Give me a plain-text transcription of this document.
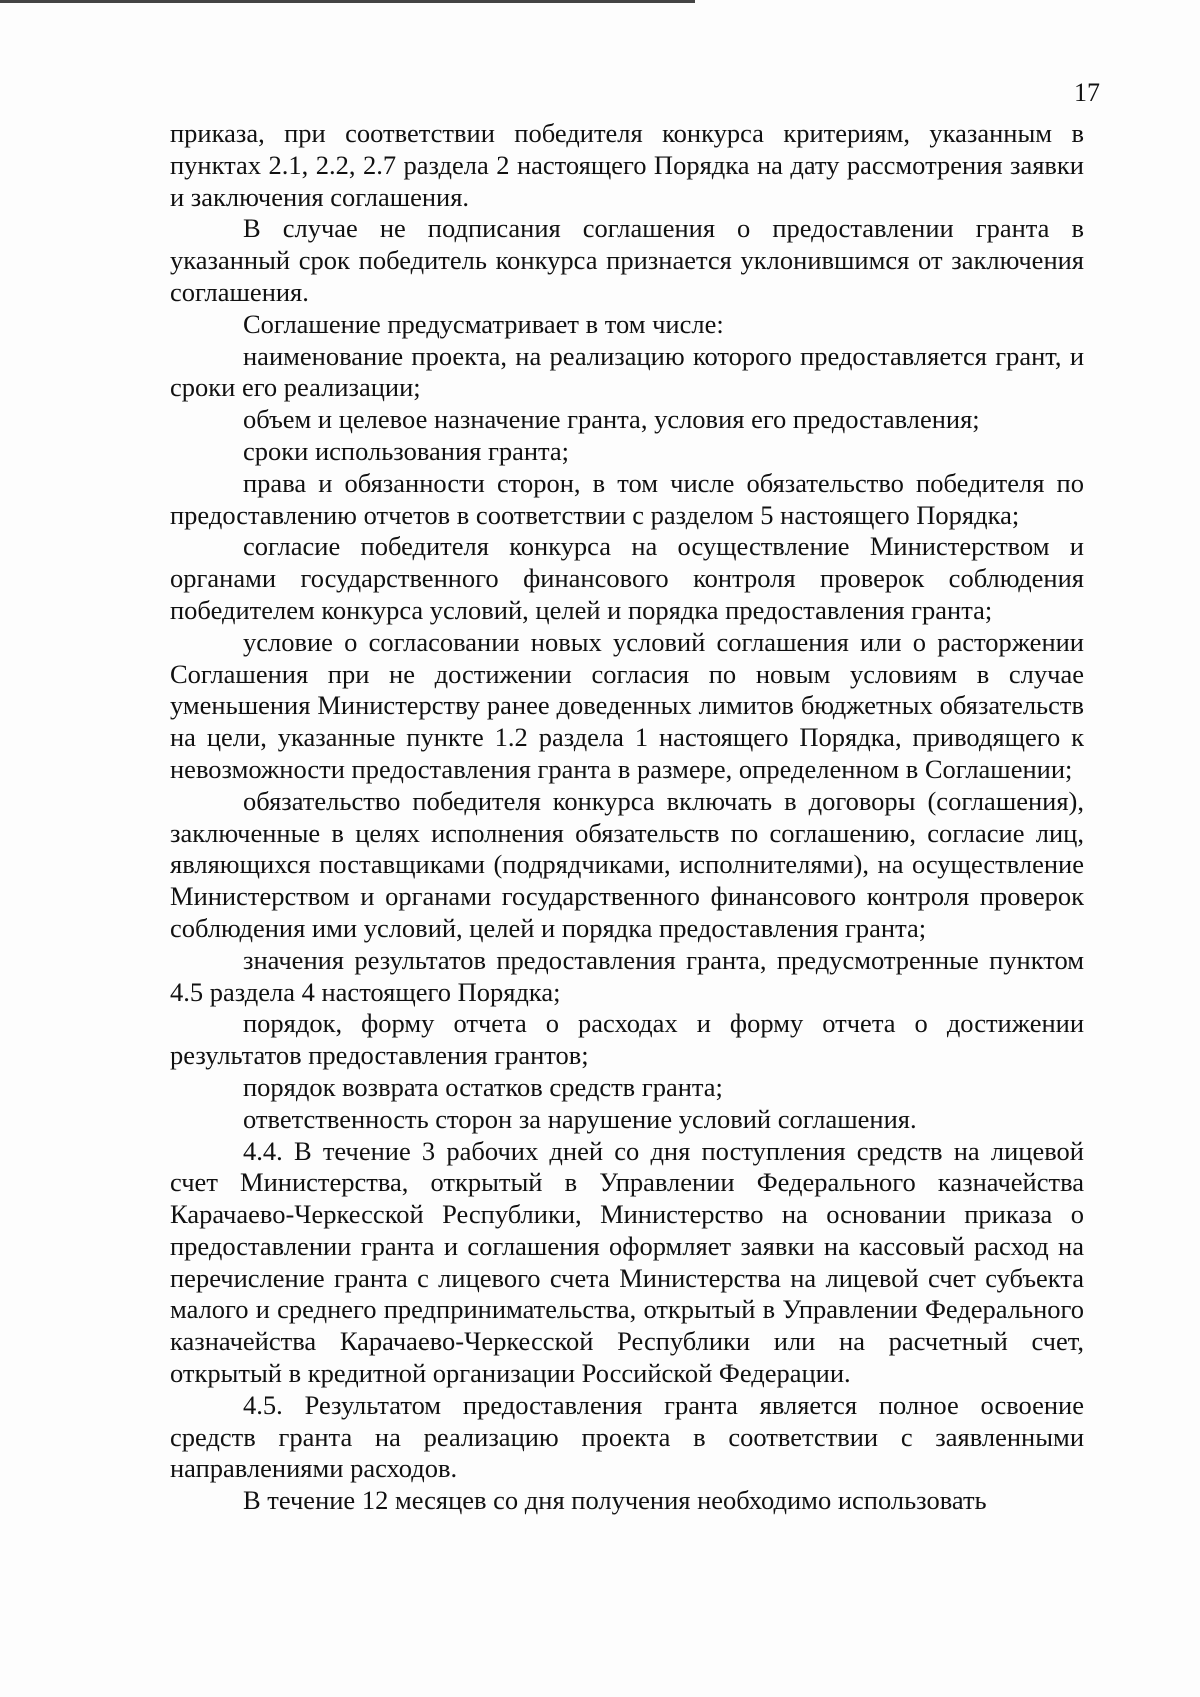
17

приказа, при соответствии победителя конкурса критериям, указанным в пунктах 2.1, 2.2, 2.7 раздела 2 настоящего Порядка на дату рассмотрения заявки и заключения соглашения.

В случае не подписания соглашения о предоставлении гранта в указанный срок победитель конкурса признается уклонившимся от заключения соглашения.

Соглашение предусматривает в том числе:

наименование проекта, на реализацию которого предоставляется грант, и сроки его реализации;

объем и целевое назначение гранта, условия его предоставления;

сроки использования гранта;

права и обязанности сторон, в том числе обязательство победителя по предоставлению отчетов в соответствии с разделом 5 настоящего Порядка;

согласие победителя конкурса на осуществление Министерством и органами государственного финансового контроля проверок соблюдения победителем конкурса условий, целей и порядка предоставления гранта;

условие о согласовании новых условий соглашения или о расторжении Соглашения при не достижении согласия по новым условиям в случае уменьшения Министерству ранее доведенных лимитов бюджетных обязательств на цели, указанные пункте 1.2 раздела 1 настоящего Порядка, приводящего к невозможности предоставления гранта в размере, определенном в Соглашении;

обязательство победителя конкурса включать в договоры (соглашения), заключенные в целях исполнения обязательств по соглашению, согласие лиц, являющихся поставщиками (подрядчиками, исполнителями), на осуществление Министерством и органами государственного финансового контроля проверок соблюдения ими условий, целей и порядка предоставления гранта;

значения результатов предоставления гранта, предусмотренные пунктом 4.5 раздела 4 настоящего Порядка;

порядок, форму отчета о расходах и форму отчета о достижении результатов предоставления грантов;

порядок возврата остатков средств гранта;

ответственность сторон за нарушение условий соглашения.

4.4. В течение 3 рабочих дней со дня поступления средств на лицевой счет Министерства, открытый в Управлении Федерального казначейства Карачаево-Черкесской Республики, Министерство на основании приказа о предоставлении гранта и соглашения оформляет заявки на кассовый расход на перечисление гранта с лицевого счета Министерства на лицевой счет субъекта малого и среднего предпринимательства, открытый в Управлении Федерального казначейства Карачаево-Черкесской Республики или на расчетный счет, открытый в кредитной организации Российской Федерации.

4.5. Результатом предоставления гранта является полное освоение средств гранта на реализацию проекта в соответствии с заявленными направлениями расходов.

В течение 12 месяцев со дня получения необходимо использовать
